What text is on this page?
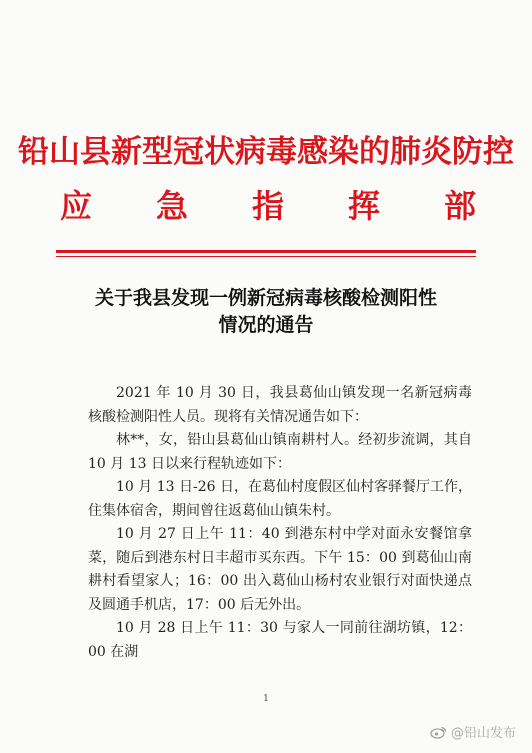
铅山县新型冠状病毒感染的肺炎防控
应 急 指 挥 部
关于我县发现一例新冠病毒核酸检测阳性
情况的通告

2021 年 10 月 30 日，我县葛仙山镇发现一名新冠病毒核酸检测阳性人员。现将有关情况通告如下：

林**，女，铅山县葛仙山镇南耕村人。经初步流调，其自 10 月 13 日以来行程轨迹如下：

10 月 13 日-26 日，在葛仙村度假区仙村客驿餐厅工作，住集体宿舍，期间曾往返葛仙山镇朱村。

10 月 27 日上午 11：40 到港东村中学对面永安餐馆拿菜，随后到港东村日丰超市买东西。下午 15：00 到葛仙山南耕村看望家人；16：00 出入葛仙山杨村农业银行对面快递点及圆通手机店，17：00 后无外出。

10 月 28 日上午 11：30 与家人一同前往湖坊镇，12：00 在湖

1
@铅山发布
